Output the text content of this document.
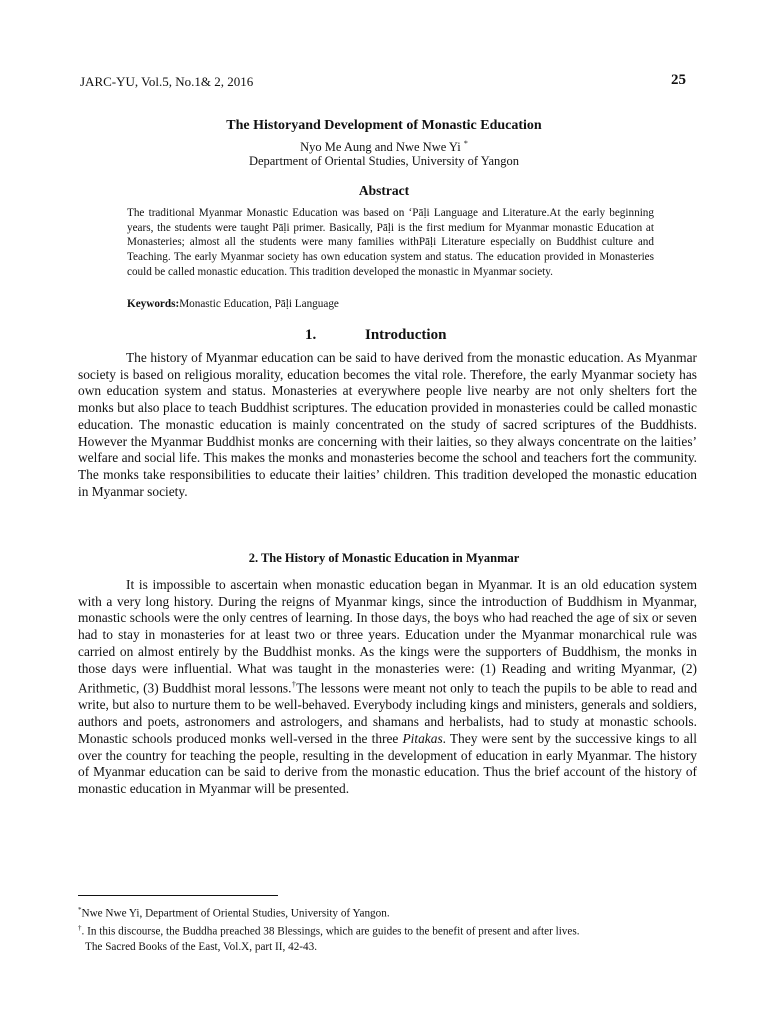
JARC-YU, Vol.5, No.1& 2, 2016	25
The Historyand Development of Monastic Education
Nyo Me Aung and Nwe Nwe Yi *
Department of Oriental Studies, University of Yangon
Abstract
The traditional Myanmar Monastic Education was based on ‘Pāḷi Language and Literature.At the early beginning years, the students were taught Pāḷi primer. Basically, Pāḷi is the first medium for Myanmar monastic Education at Monasteries; almost all the students were many families withPāḷi Literature especially on Buddhist culture and Teaching. The early Myanmar society has own education system and status. The education provided in Monasteries could be called monastic education. This tradition developed the monastic in Myanmar society.
Keywords:Monastic Education, Pāḷi Language
1.	Introduction
The history of Myanmar education can be said to have derived from the monastic education. As Myanmar society is based on religious morality, education becomes the vital role. Therefore, the early Myanmar society has own education system and status. Monasteries at everywhere people live nearby are not only shelters fort the monks but also place to teach Buddhist scriptures. The education provided in monasteries could be called monastic education. The monastic education is mainly concentrated on the study of sacred scriptures of the Buddhists. However the Myanmar Buddhist monks are concerning with their laities, so they always concentrate on the laities’ welfare and social life. This makes the monks and monasteries become the school and teachers fort the community. The monks take responsibilities to educate their laities’ children. This tradition developed the monastic education in Myanmar society.
2. The History of Monastic Education in Myanmar
It is impossible to ascertain when monastic education began in Myanmar. It is an old education system with a very long history. During the reigns of Myanmar kings, since the introduction of Buddhism in Myanmar, monastic schools were the only centres of learning. In those days, the boys who had reached the age of six or seven had to stay in monasteries for at least two or three years. Education under the Myanmar monarchical rule was carried on almost entirely by the Buddhist monks. As the kings were the supporters of Buddhism, the monks in those days were influential. What was taught in the monasteries were: (1) Reading and writing Myanmar, (2) Arithmetic, (3) Buddhist moral lessons.†The lessons were meant not only to teach the pupils to be able to read and write, but also to nurture them to be well-behaved. Everybody including kings and ministers, generals and soldiers, authors and poets, astronomers and astrologers, and shamans and herbalists, had to study at monastic schools. Monastic schools produced monks well-versed in the three Pitakas. They were sent by the successive kings to all over the country for teaching the people, resulting in the development of education in early Myanmar. The history of Myanmar education can be said to derive from the monastic education. Thus the brief account of the history of monastic education in Myanmar will be presented.
*Nwe Nwe Yi, Department of Oriental Studies, University of Yangon.
†. In this discourse, the Buddha preached 38 Blessings, which are guides to the benefit of present and after lives.
The Sacred Books of the East, Vol.X, part II, 42-43.
